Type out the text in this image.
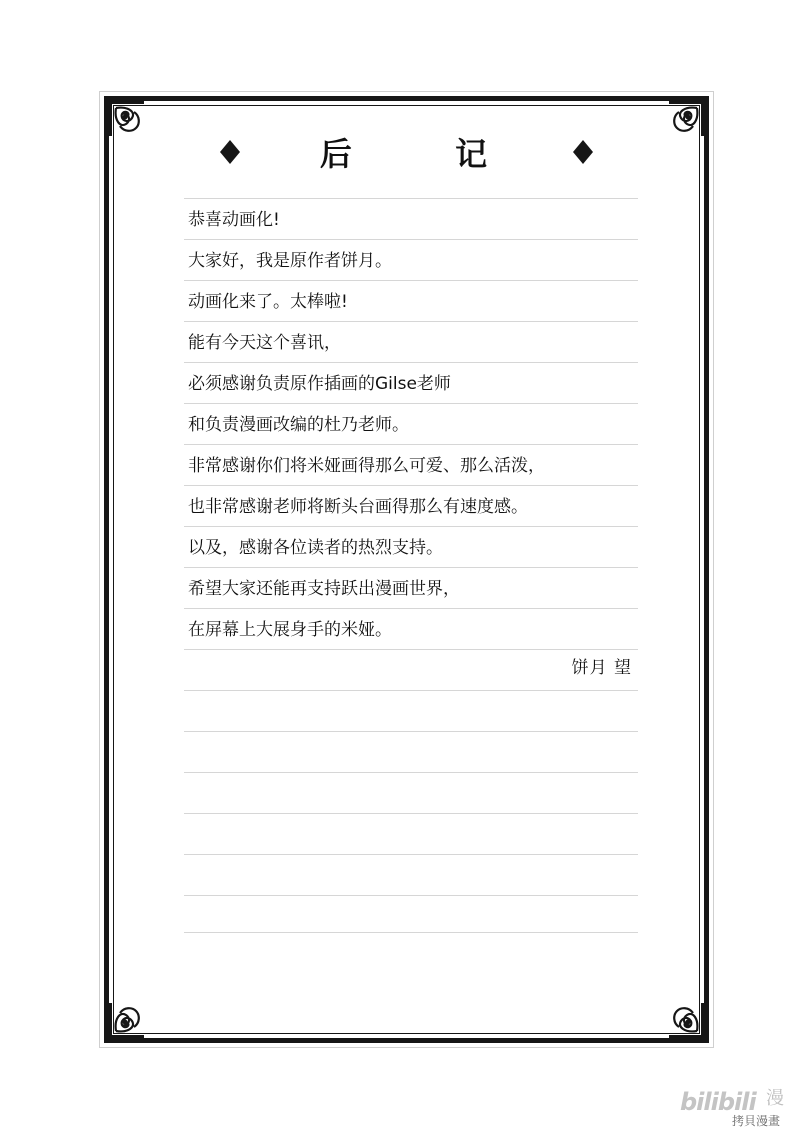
后 记
恭喜动画化!
大家好，我是原作者饼月。
动画化来了。太棒啦!
能有今天这个喜讯，
必须感谢负责原作插画的Gilse老师
和负责漫画改编的杜乃老师。
非常感谢你们将米娅画得那么可爱、那么活泼，
也非常感谢老师将断头台画得那么有速度感。
以及，感谢各位读者的热烈支持。
希望大家还能再支持跃出漫画世界，
在屏幕上大展身手的米娅。
饼月 望
bilibili 漫
拷貝漫畫
